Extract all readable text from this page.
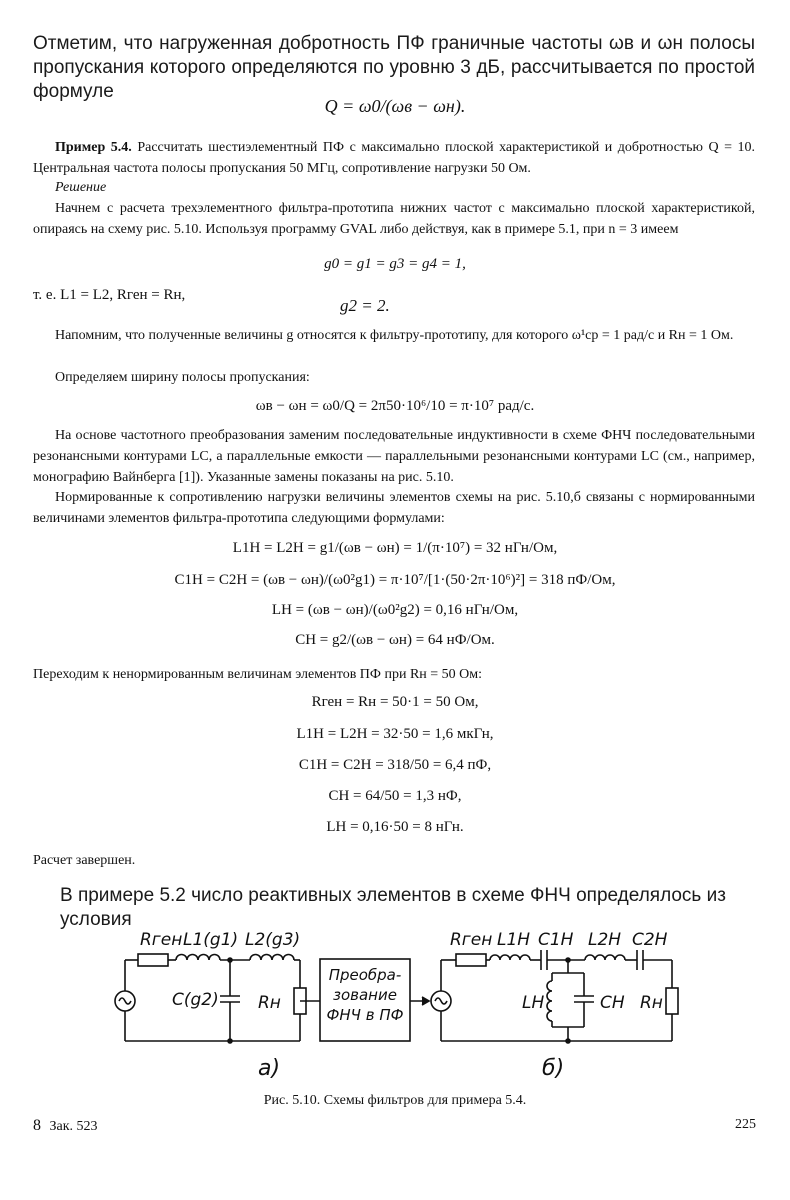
Отметим, что нагруженная добротность ПФ граничные частоты ωв и ωн полосы пропускания которого определяются по уровню 3 дБ, рассчитывается по простой формуле
Q = ω0/(ωв − ωн).
Пример 5.4. Рассчитать шестиэлементный ПФ с максимально плоской характеристикой и добротностью Q = 10. Центральная частота полосы пропускания 50 МГц, сопротивление нагрузки 50 Ом.
Решение
Начнем с расчета трехэлементного фильтра-прототипа нижних частот с максимально плоской характеристикой, опираясь на схему рис. 5.10. Используя программу GVAL либо действуя, как в примере 5.1, при n = 3 имеем
g0 = g1 = g3 = g4 = 1,
т. е. L1 = L2, Rген = Rн,
g2 = 2.
Напомним, что полученные величины g относятся к фильтру-прототипу, для которого ω¹ср = 1 рад/с и Rн = 1 Ом.
Определяем ширину полосы пропускания:
ωв − ωн = ω0/Q = 2π50·10⁶/10 = π·10⁷ рад/с.
На основе частотного преобразования заменим последовательные индуктивности в схеме ФНЧ последовательными резонансными контурами LC, а параллельные емкости — параллельными резонансными контурами LC (см., например, монографию Вайнберга [1]). Указанные замены показаны на рис. 5.10.
Нормированные к сопротивлению нагрузки величины элементов схемы на рис. 5.10,б связаны с нормированными величинами элементов фильтра-прототипа следующими формулами:
L1H = L2H = g1/(ωв − ωн) = 1/(π·10⁷) = 32 нГн/Ом,
C1H = C2H = (ωв − ωн)/(ω0²g1) = π·10⁷/[1·(50·2π·10⁶)²] = 318 пФ/Ом,
LH = (ωв − ωн)/(ω0²g2) = 0,16 нГн/Ом,
CH = g2/(ωв − ωн) = 64 нФ/Ом.
Переходим к ненормированным величинам элементов ПФ при Rн = 50 Ом:
Rген = Rн = 50·1 = 50 Ом,
L1H = L2H = 32·50 = 1,6 мкГн,
C1H = C2H = 318/50 = 6,4 пФ,
CH = 64/50 = 1,3 нФ,
LH = 0,16·50 = 8 нГн.
Расчет завершен.
В примере 5.2 число реактивных элементов в схеме ФНЧ определялось из условия
Rген L1(g1) L2(g3)
C(g2) Rн
а)
Преобра-
зование
ФНЧ в ПФ
Rген L1H C1H L2H C2H
LH	CH Rн
б)
Рис. 5.10. Схемы фильтров для примера 5.4.
8 Зак. 523	225
